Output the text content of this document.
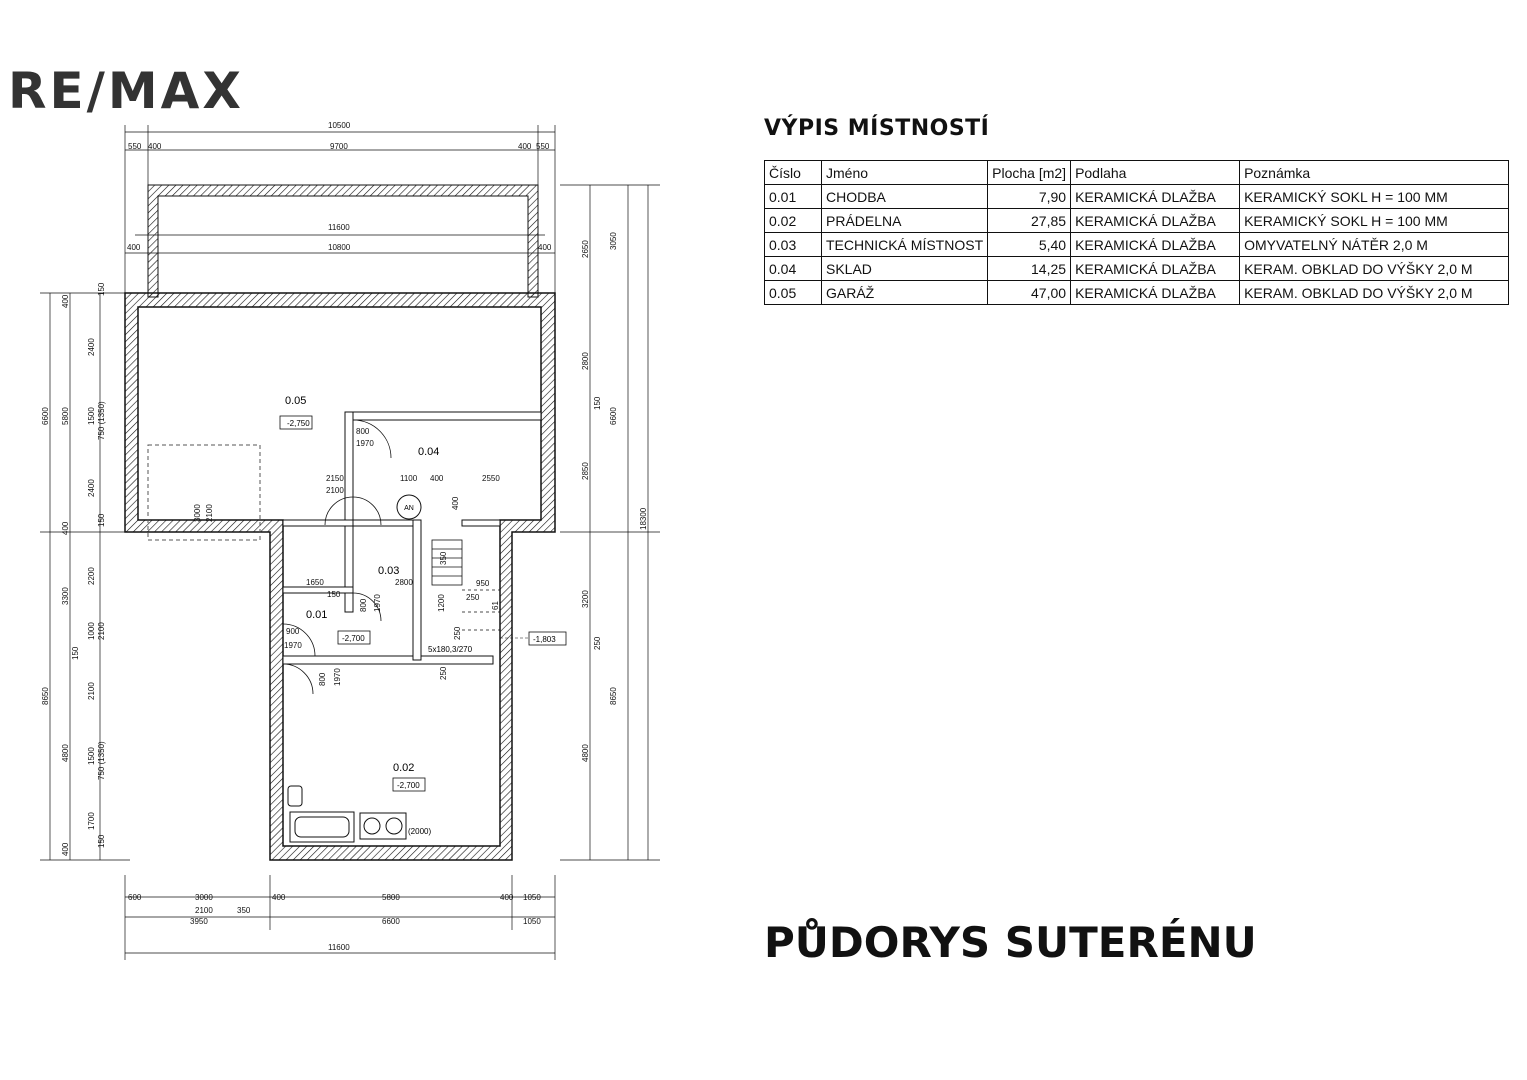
RE/MAX
AN
0.05
-2,750
0.04
0.03
0.01
-2,700
0.02
-2,700
-1,803
5x180,3/270
(2000)
10500
550 400	9700	400 550
11600
10800
400	400	2650 3050
2800
150
6600
2850
18300
3200
250
8650
4800
150
400
2400
6600 5800 1500 750 (1350)
2400
400
150
3300
2200
1000 2100
150
8650	2100
4800 1500 750 (1350)
1700
150
400
600	3000	400	5800	400 1050
2100	350
3950	6600	1050
11600
800
1970
2150
2100
1100 400	2550
3000 2100
1650
150
2800
800 1970
900
1970
800 1970
400
1200	250
950
61
250
250
350
VÝPIS MÍSTNOSTÍ
Číslo	Jméno	Plocha [m2]	Podlaha	Poznámka
0.01	CHODBA	7,90	KERAMICKÁ DLAŽBA	KERAMICKÝ SOKL H = 100 MM
0.02	PRÁDELNA	27,85	KERAMICKÁ DLAŽBA	KERAMICKÝ SOKL H = 100 MM
0.03	TECHNICKÁ MÍSTNOST	5,40	KERAMICKÁ DLAŽBA	OMYVATELNÝ NÁTĚR 2,0 M
0.04	SKLAD	14,25	KERAMICKÁ DLAŽBA	KERAM. OBKLAD DO VÝŠKY 2,0 M
0.05	GARÁŽ	47,00	KERAMICKÁ DLAŽBA	KERAM. OBKLAD DO VÝŠKY 2,0 M
PŮDORYS SUTERÉNU
